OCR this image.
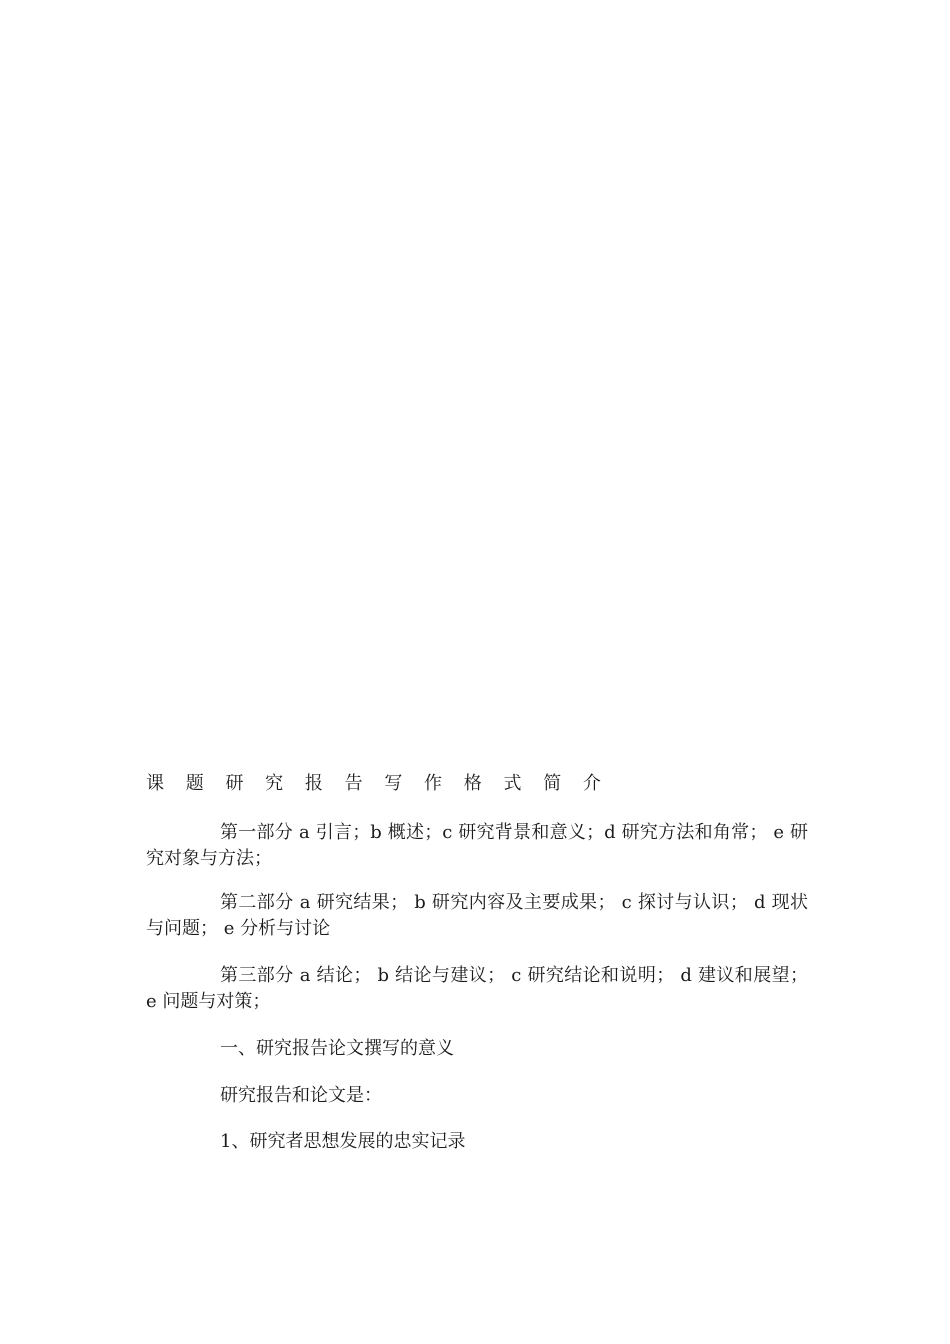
课 题 研 究 报 告 写 作 格 式 简 介
第一部分 a 引言；b 概述；c 研究背景和意义；d 研究方法和角常； e 研究对象与方法；
第二部分 a 研究结果； b 研究内容及主要成果； c 探讨与认识； d 现状与问题； e 分析与讨论
第三部分 a 结论； b 结论与建议； c 研究结论和说明； d 建议和展望； e 问题与对策；
一、研究报告论文撰写的意义
研究报告和论文是：
1、研究者思想发展的忠实记录
